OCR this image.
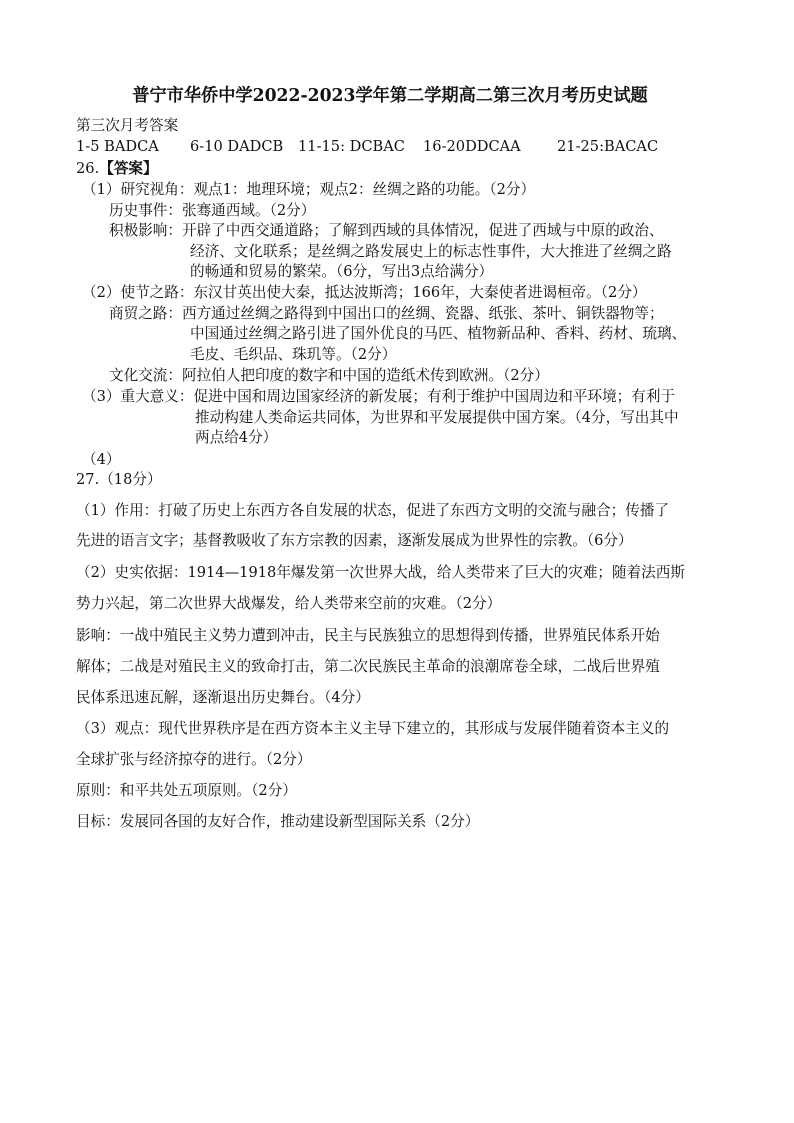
普宁市华侨中学2022-2023学年第二学期高二第三次月考历史试题
第三次月考答案
1-5 BADCA 6-10 DADCB 11-15: DCBAC 16-20DDCAA 21-25:BACAC
26.【答案】
（1）研究视角：观点1：地理环境；观点2：丝绸之路的功能。（2分）
历史事件：张骞通西域。（2分）
积极影响：开辟了中西交通道路；了解到西域的具体情况，促进了西域与中原的政治、
经济、文化联系；是丝绸之路发展史上的标志性事件，大大推进了丝绸之路
的畅通和贸易的繁荣。（6分，写出3点给满分）
（2）使节之路：东汉甘英出使大秦，抵达波斯湾；166年，大秦使者进谒桓帝。（2分）
商贸之路：西方通过丝绸之路得到中国出口的丝绸、瓷器、纸张、茶叶、铜铁器物等；
中国通过丝绸之路引进了国外优良的马匹、植物新品种、香料、药材、琉璃、
毛皮、毛织品、珠玑等。（2分）
文化交流：阿拉伯人把印度的数字和中国的造纸术传到欧洲。（2分）
（3）重大意义：促进中国和周边国家经济的新发展；有利于维护中国周边和平环境；有利于
推动构建人类命运共同体，为世界和平发展提供中国方案。（4分，写出其中
两点给4分）
（4）
27.（18分）
（1）作用：打破了历史上东西方各自发展的状态，促进了东西方文明的交流与融合；传播了
先进的语言文字；基督教吸收了东方宗教的因素，逐渐发展成为世界性的宗教。（6分）
（2）史实依据：1914—1918年爆发第一次世界大战，给人类带来了巨大的灾难；随着法西斯
势力兴起，第二次世界大战爆发，给人类带来空前的灾难。（2分）
影响：一战中殖民主义势力遭到冲击，民主与民族独立的思想得到传播，世界殖民体系开始
解体；二战是对殖民主义的致命打击，第二次民族民主革命的浪潮席卷全球，二战后世界殖
民体系迅速瓦解，逐渐退出历史舞台。（4分）
（3）观点：现代世界秩序是在西方资本主义主导下建立的，其形成与发展伴随着资本主义的
全球扩张与经济掠夺的进行。（2分）
原则：和平共处五项原则。（2分）
目标：发展同各国的友好合作，推动建设新型国际关系（2分）
